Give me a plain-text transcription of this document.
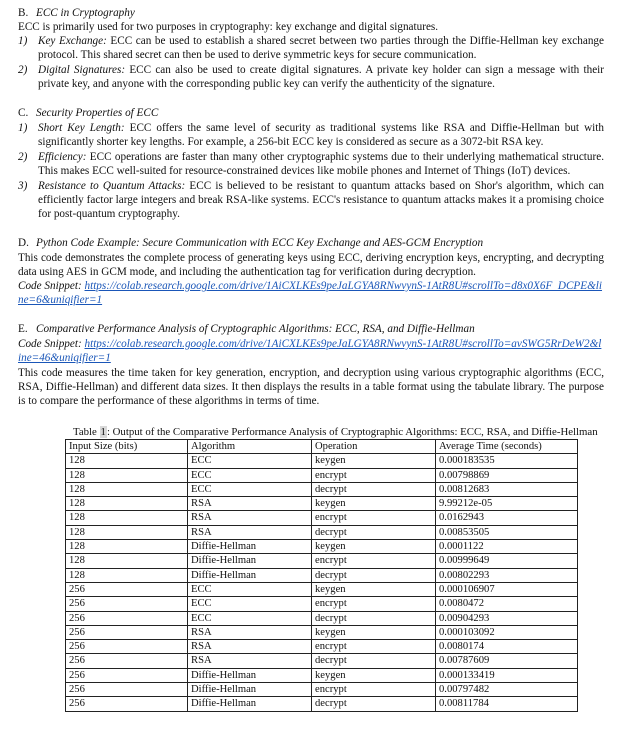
B. ECC in Cryptography
ECC is primarily used for two purposes in cryptography: key exchange and digital signatures.
1) Key Exchange: ECC can be used to establish a shared secret between two parties through the Diffie-Hellman key exchange protocol. This shared secret can then be used to derive symmetric keys for secure communication.
2) Digital Signatures: ECC can also be used to create digital signatures. A private key holder can sign a message with their private key, and anyone with the corresponding public key can verify the authenticity of the signature.
C. Security Properties of ECC
1) Short Key Length: ECC offers the same level of security as traditional systems like RSA and Diffie-Hellman but with significantly shorter key lengths. For example, a 256-bit ECC key is considered as secure as a 3072-bit RSA key.
2) Efficiency: ECC operations are faster than many other cryptographic systems due to their underlying mathematical structure. This makes ECC well-suited for resource-constrained devices like mobile phones and Internet of Things (IoT) devices.
3) Resistance to Quantum Attacks: ECC is believed to be resistant to quantum attacks based on Shor's algorithm, which can efficiently factor large integers and break RSA-like systems. ECC's resistance to quantum attacks makes it a promising choice for post-quantum cryptography.
D. Python Code Example: Secure Communication with ECC Key Exchange and AES-GCM Encryption
This code demonstrates the complete process of generating keys using ECC, deriving encryption keys, encrypting, and decrypting data using AES in GCM mode, and including the authentication tag for verification during decryption.
Code Snippet: https://colab.research.google.com/drive/1AiCXLKEs9peJaLGYA8RNwvynS-1AtR8U#scrollTo=d8x0X6F_DCPE&line=6&uniqifier=1
E. Comparative Performance Analysis of Cryptographic Algorithms: ECC, RSA, and Diffie-Hellman
Code Snippet: https://colab.research.google.com/drive/1AiCXLKEs9peJaLGYA8RNwvynS-1AtR8U#scrollTo=avSWG5RrDeW2&line=46&uniqifier=1
This code measures the time taken for key generation, encryption, and decryption using various cryptographic algorithms (ECC, RSA, Diffie-Hellman) and different data sizes. It then displays the results in a table format using the tabulate library. The purpose is to compare the performance of these algorithms in terms of time.
Table 1: Output of the Comparative Performance Analysis of Cryptographic Algorithms: ECC, RSA, and Diffie-Hellman
Input Size (bits)	Algorithm	Operation	Average Time (seconds)
128	ECC	keygen	0.000183535
128	ECC	encrypt	0.00798869
128	ECC	decrypt	0.00812683
128	RSA	keygen	9.99212e-05
128	RSA	encrypt	0.0162943
128	RSA	decrypt	0.00853505
128	Diffie-Hellman	keygen	0.0001122
128	Diffie-Hellman	encrypt	0.00999649
128	Diffie-Hellman	decrypt	0.00802293
256	ECC	keygen	0.000106907
256	ECC	encrypt	0.0080472
256	ECC	decrypt	0.00904293
256	RSA	keygen	0.000103092
256	RSA	encrypt	0.0080174
256	RSA	decrypt	0.00787609
256	Diffie-Hellman	keygen	0.000133419
256	Diffie-Hellman	encrypt	0.00797482
256	Diffie-Hellman	decrypt	0.00811784
